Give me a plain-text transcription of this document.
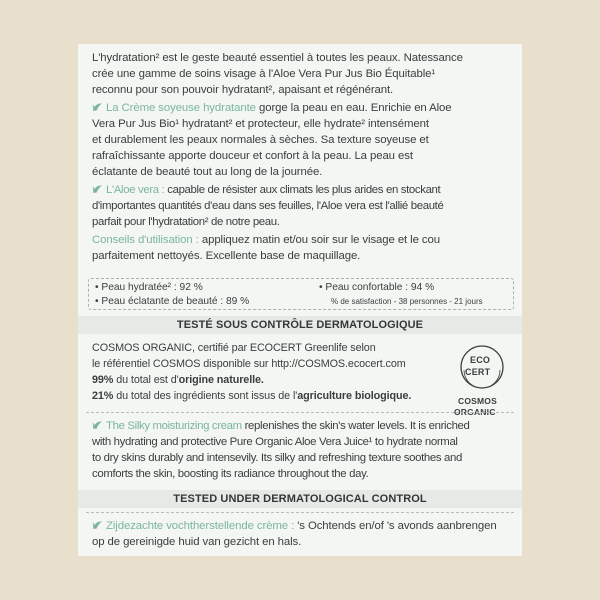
L'hydratation² est le geste beauté essentiel à toutes les peaux. Natessance

crée une gamme de soins visage à l'Aloe Vera Pur Jus Bio Équitable¹

reconnu pour son pouvoir hydratant², apaisant et régénérant.

La Crème soyeuse hydratante gorge la peau en eau. Enrichie en Aloe

Vera Pur Jus Bio¹ hydratant² et protecteur, elle hydrate² intensément

et durablement les peaux normales à sèches. Sa texture soyeuse et

rafraîchissante apporte douceur et confort à la peau. La peau est

éclatante de beauté tout au long de la journée.

L'Aloe vera : capable de résister aux climats les plus arides en stockant

d'importantes quantités d'eau dans ses feuilles, l'Aloe vera est l'allié beauté

parfait pour l'hydratation² de notre peau.

Conseils d'utilisation : appliquez matin et/ou soir sur le visage et le cou

parfaitement nettoyés. Excellente base de maquillage.

• Peau hydratée² : 92 %	• Peau confortable : 94 %
• Peau éclatante de beauté : 89 %	% de satisfaction - 38 personnes - 21 jours
TESTÉ SOUS CONTRÔLE DERMATOLOGIQUE

COSMOS ORGANIC, certifié par ECOCERT Greenlife selon

le référentiel COSMOS disponible sur http://COSMOS.ecocert.com

99% du total est d'origine naturelle.

21% du total des ingrédients sont issus de l'agriculture biologique.

ECO
CERT
COSMOS
ORGANIC

The Silky moisturizing cream replenishes the skin's water levels. It is enriched

with hydrating and protective Pure Organic Aloe Vera Juice¹ to hydrate normal

to dry skins durably and intensevily. Its silky and refreshing texture soothes and

comforts the skin, boosting its radiance throughout the day.

TESTED UNDER DERMATOLOGICAL CONTROL

Zijdezachte vochtherstellende crème : 's Ochtends en/of 's avonds aanbrengen

op de gereinigde huid van gezicht en hals.
